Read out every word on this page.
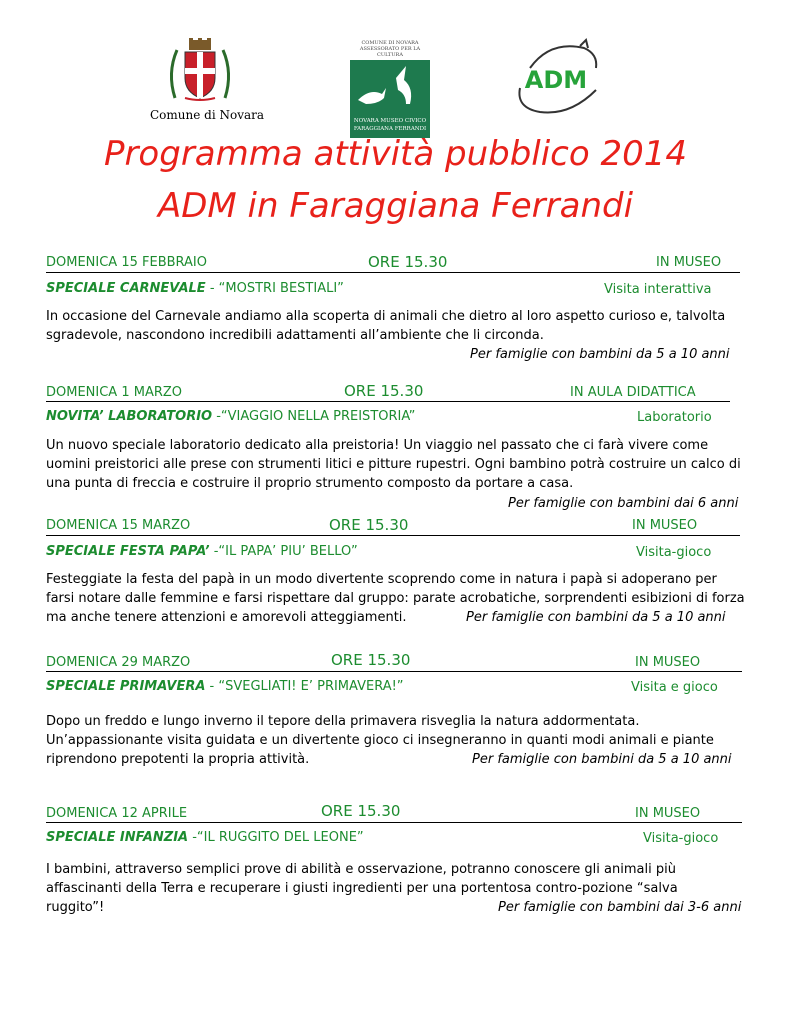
Comune di Novara
COMUNE DI NOVARA
ASSESSORATO PER LA CULTURA
NOVARA MUSEO CIVICO
FARAGGIANA FERRANDI
ADM
Programma attività pubblico 2014
ADM in Faraggiana Ferrandi
DOMENICA 15 FEBBRAIO	ORE 15.30	IN MUSEO
SPECIALE CARNEVALE - “MOSTRI BESTIALI”	Visita interattiva

In occasione del Carnevale andiamo alla scoperta di animali che dietro al loro aspetto curioso e, talvolta sgradevole, nascondono incredibili adattamenti all’ambiente che li circonda.

Per famiglie con bambini da 5 a 10 anni
DOMENICA 1 MARZO	ORE 15.30	IN AULA DIDATTICA
NOVITA’ LABORATORIO -“VIAGGIO NELLA PREISTORIA”	Laboratorio

Un nuovo speciale laboratorio dedicato alla preistoria! Un viaggio nel passato che ci farà vivere come uomini preistorici alle prese con strumenti litici e pitture rupestri. Ogni bambino potrà costruire un calco di una punta di freccia e costruire il proprio strumento composto da portare a casa.

Per famiglie con bambini dai 6 anni
DOMENICA 15 MARZO	ORE 15.30	IN MUSEO
SPECIALE FESTA PAPA’ -“IL PAPA’ PIU’ BELLO”	Visita-gioco

Festeggiate la festa del papà in un modo divertente scoprendo come in natura i papà si adoperano per farsi notare dalle femmine e farsi rispettare dal gruppo: parate acrobatiche, sorprendenti esibizioni di forza ma anche tenere attenzioni e amorevoli atteggiamenti.	Per famiglie con bambini da 5 a 10 anni
DOMENICA 29 MARZO	ORE 15.30	IN MUSEO
SPECIALE PRIMAVERA - “SVEGLIATI! E’ PRIMAVERA!”	Visita e gioco

Dopo un freddo e lungo inverno il tepore della primavera risveglia la natura addormentata. Un’appassionante visita guidata e un divertente gioco ci insegneranno in quanti modi animali e piante riprendono prepotenti la propria attività.	Per famiglie con bambini da 5 a 10 anni
DOMENICA 12 APRILE	ORE 15.30	IN MUSEO
SPECIALE INFANZIA -“IL RUGGITO DEL LEONE”	Visita-gioco

I bambini, attraverso semplici prove di abilità e osservazione, potranno conoscere gli animali più affascinanti della Terra e recuperare i giusti ingredienti per una portentosa contro-pozione “salva ruggito”!	Per famiglie con bambini dai 3-6 anni
